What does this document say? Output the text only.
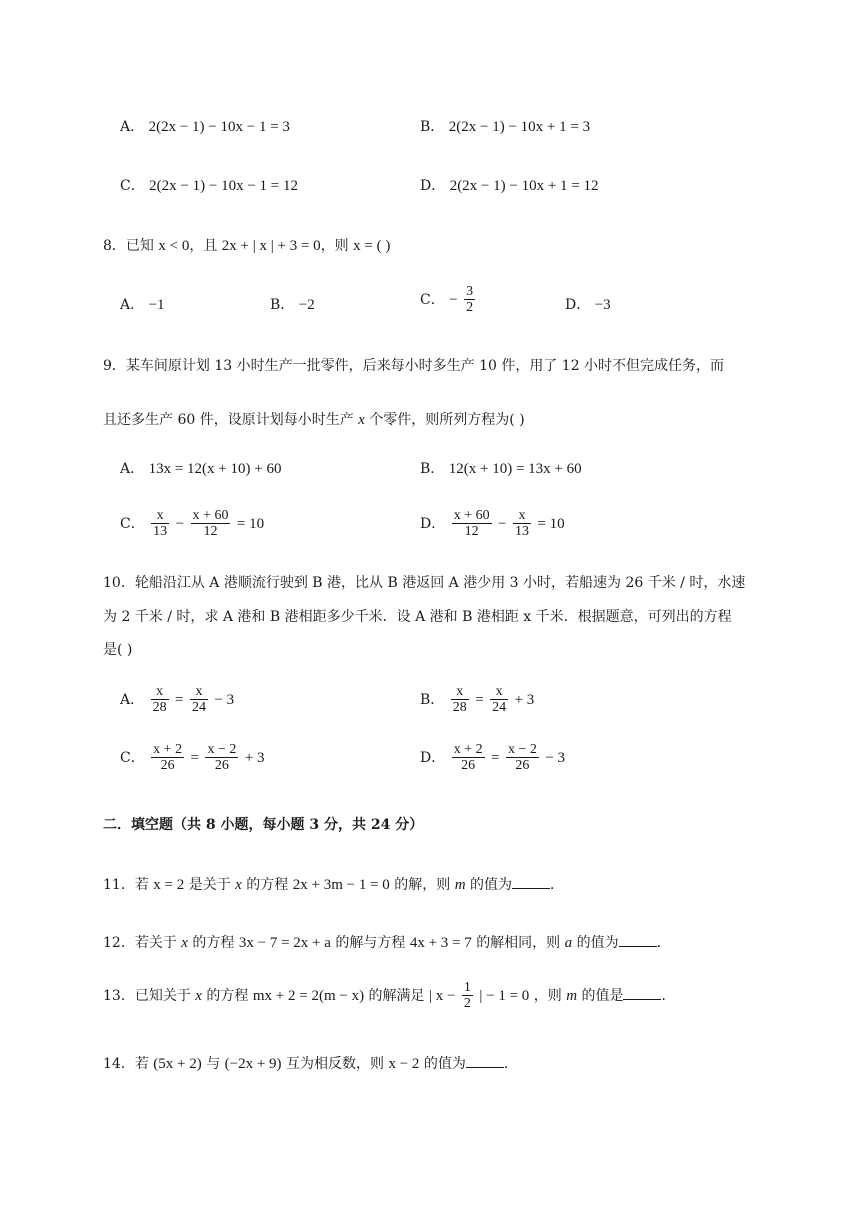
A． 2(2x − 1) − 10x − 1 = 3	B． 2(2x − 1) − 10x + 1 = 3
C． 2(2x − 1) − 10x − 1 = 12	D． 2(2x − 1) − 10x + 1 = 12
8．已知 x < 0，且 2x + | x | + 3 = 0，则 x = ( )
A． −1	B． −2	C． − $\frac{3}{2}$	D． −3
9．某车间原计划 13 小时生产一批零件，后来每小时多生产 10 件，用了 12 小时不但完成任务，而
且还多生产 60 件，设原计划每小时生产 x 个零件，则所列方程为( )
A． 13x = 12(x + 10) + 60	B． 12(x + 10) = 13x + 60
C． $\frac{x}{13} - \frac{x + 60}{12} = 10$	D． $\frac{x + 60}{12} - \frac{x}{13} = 10$
10．轮船沿江从 A 港顺流行驶到 B 港，比从 B 港返回 A 港少用 3 小时，若船速为 26 千米 / 时，水速
为 2 千米 / 时，求 A 港和 B 港相距多少千米．设 A 港和 B 港相距 x 千米．根据题意，可列出的方程
是( )
A． $\frac{x}{28} = \frac{x}{24} - 3$	B． $\frac{x}{28} = \frac{x}{24} + 3$
C． $\frac{x + 2}{26} = \frac{x - 2}{26} + 3$	D． $\frac{x + 2}{26} = \frac{x - 2}{26} - 3$
二．填空题（共 8 小题，每小题 3 分，共 24 分）
11．若 x = 2 是关于 x 的方程 2x + 3m − 1 = 0 的解，则 m 的值为	．
12．若关于 x 的方程 3x − 7 = 2x + a 的解与方程 4x + 3 = 7 的解相同，则 a 的值为	．
13．已知关于 x 的方程 mx + 2 = 2(m − x) 的解满足 | $x - \frac{1}{2}$ | − 1 = 0 ，则 m 的值是	．
14．若 (5x + 2) 与 (−2x + 9) 互为相反数，则 x − 2 的值为	．
